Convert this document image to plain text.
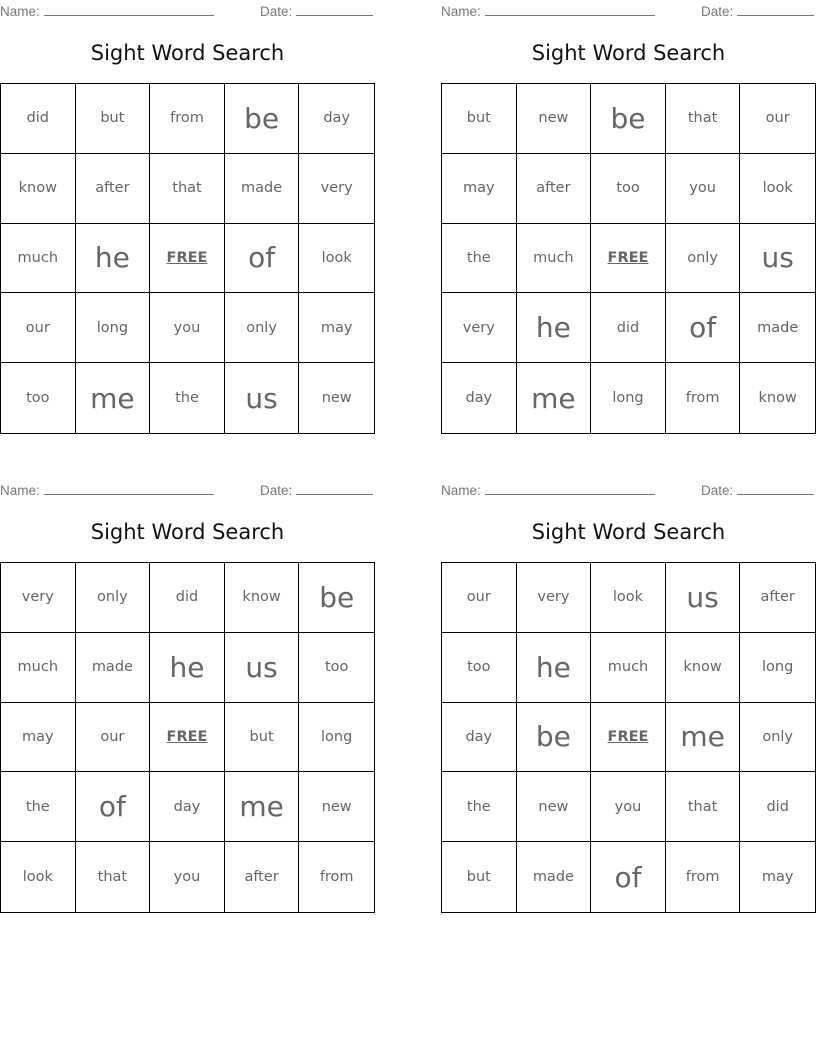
Name:	Date:
Sight Word Search
did	but	from	be	day
know	after	that	made	very
much	he	FREE	of	look
our	long	you	only	may
too	me	the	us	new
Name:	Date:
Sight Word Search
but	new	be	that	our
may	after	too	you	look
the	much	FREE	only	us
very	he	did	of	made
day	me	long	from	know
Name:	Date:
Sight Word Search
very	only	did	know	be
much	made	he	us	too
may	our	FREE	but	long
the	of	day	me	new
look	that	you	after	from
Name:	Date:
Sight Word Search
our	very	look	us	after
too	he	much	know	long
day	be	FREE	me	only
the	new	you	that	did
but	made	of	from	may
